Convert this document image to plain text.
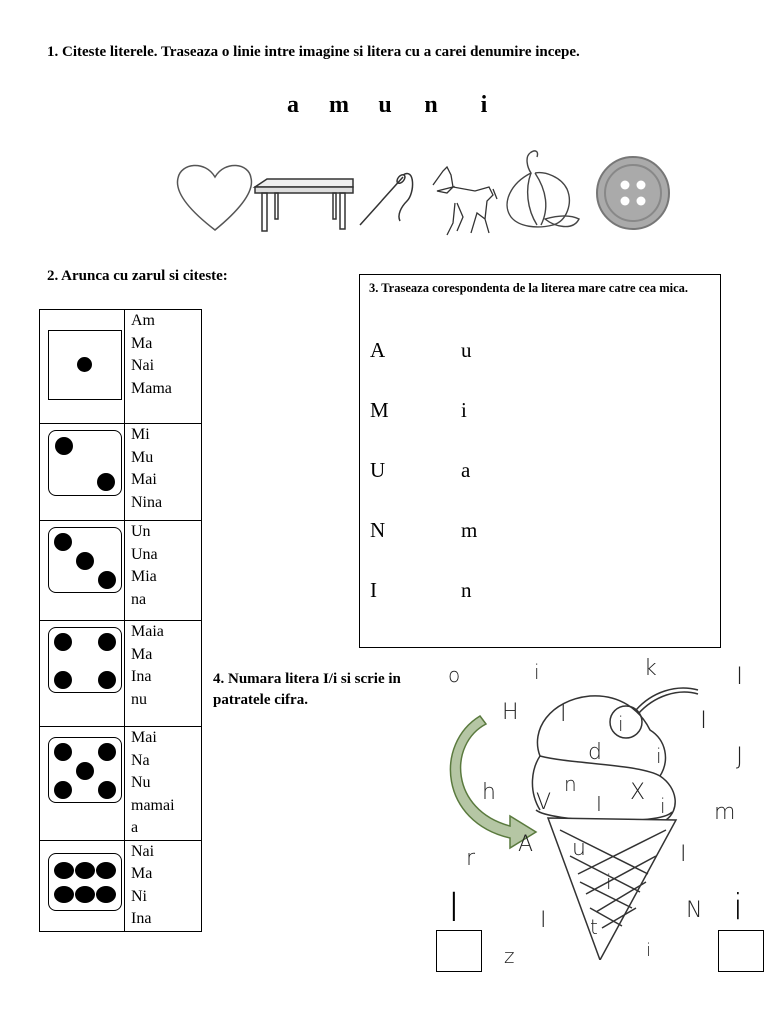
1. Citeste literele. Traseaza o linie intre imagine si litera cu a carei denumire incepe.
a m u n i
2. Arunca cu zarul si citeste:

	Am
Ma
Nai
Mama

	Mi
Mu
Mai
Nina

	Un
Una
Mia
na

	Maia
Ma
Ina
nu

	Mai
Na
Nu
mamai
a

	Nai
Ma
Ni
Ina
3. Traseaza corespondenta de la literea mare catre cea mica.
A
M
U
N
I
u
i
a
m
n
4. Numara litera I/i si scrie in patratele cifra.
o	i	k	I
H I	i	I
d	i	J
h	n
I X
i m
V
r
A u	I
i
N
I t
i
z
I	i
